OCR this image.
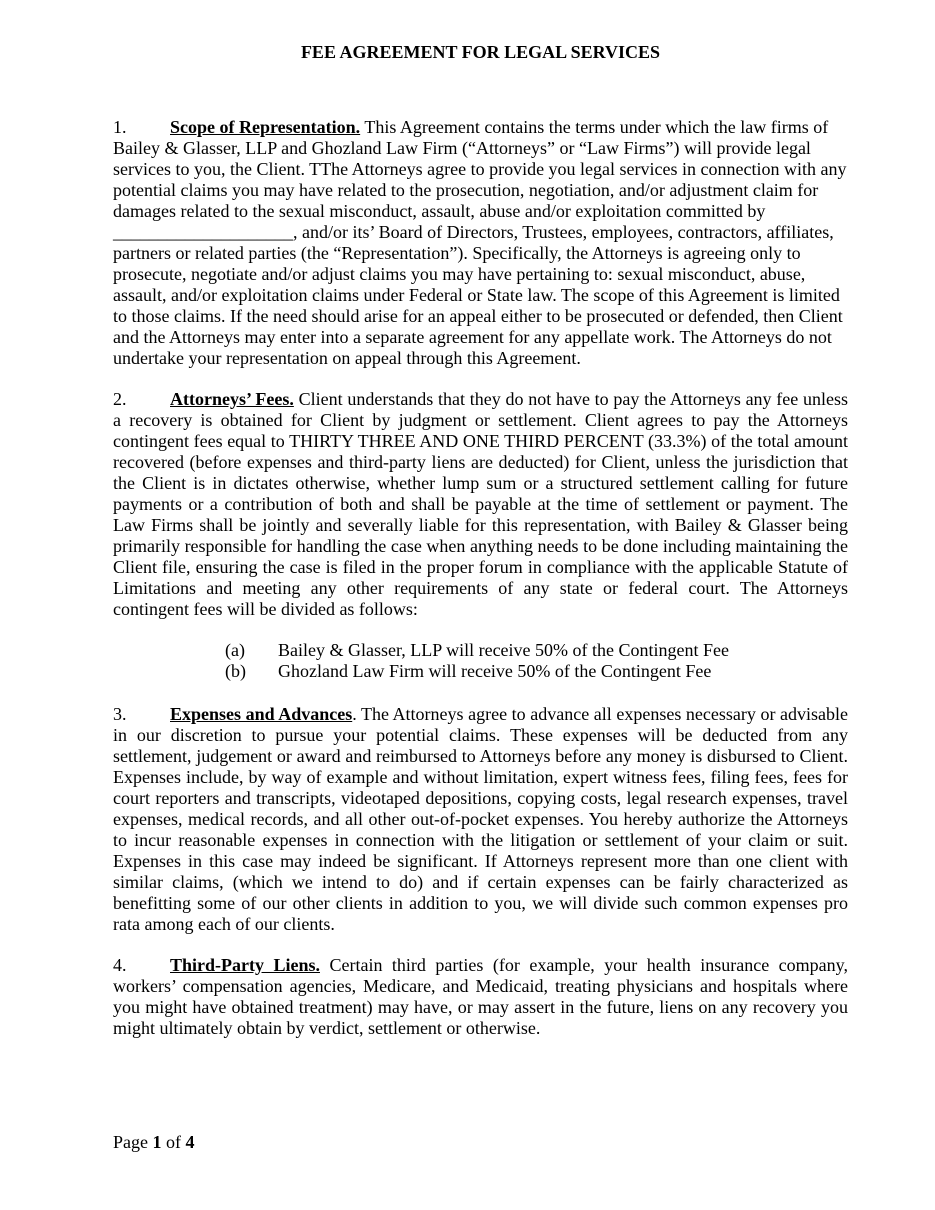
FEE AGREEMENT FOR LEGAL SERVICES

1. Scope of Representation. This Agreement contains the terms under which the law firms of Bailey & Glasser, LLP and Ghozland Law Firm (“Attorneys” or “Law Firms”) will provide legal services to you, the Client. TThe Attorneys agree to provide you legal services in connection with any potential claims you may have related to the prosecution, negotiation, and/or adjustment claim for damages related to the sexual misconduct, assault, abuse and/or exploitation committed by ____________________, and/or its’ Board of Directors, Trustees, employees, contractors, affiliates, partners or related parties (the “Representation”). Specifically, the Attorneys is agreeing only to prosecute, negotiate and/or adjust claims you may have pertaining to: sexual misconduct, abuse, assault, and/or exploitation claims under Federal or State law. The scope of this Agreement is limited to those claims. If the need should arise for an appeal either to be prosecuted or defended, then Client and the Attorneys may enter into a separate agreement for any appellate work. The Attorneys do not undertake your representation on appeal through this Agreement.

2. Attorneys’ Fees. Client understands that they do not have to pay the Attorneys any fee unless a recovery is obtained for Client by judgment or settlement. Client agrees to pay the Attorneys contingent fees equal to THIRTY THREE AND ONE THIRD PERCENT (33.3%) of the total amount recovered (before expenses and third-party liens are deducted) for Client, unless the jurisdiction that the Client is in dictates otherwise, whether lump sum or a structured settlement calling for future payments or a contribution of both and shall be payable at the time of settlement or payment. The Law Firms shall be jointly and severally liable for this representation, with Bailey & Glasser being primarily responsible for handling the case when anything needs to be done including maintaining the Client file, ensuring the case is filed in the proper forum in compliance with the applicable Statute of Limitations and meeting any other requirements of any state or federal court. The Attorneys contingent fees will be divided as follows:

(a) Bailey & Glasser, LLP will receive 50% of the Contingent Fee
(b) Ghozland Law Firm will receive 50% of the Contingent Fee

3. Expenses and Advances. The Attorneys agree to advance all expenses necessary or advisable in our discretion to pursue your potential claims. These expenses will be deducted from any settlement, judgement or award and reimbursed to Attorneys before any money is disbursed to Client. Expenses include, by way of example and without limitation, expert witness fees, filing fees, fees for court reporters and transcripts, videotaped depositions, copying costs, legal research expenses, travel expenses, medical records, and all other out-of-pocket expenses. You hereby authorize the Attorneys to incur reasonable expenses in connection with the litigation or settlement of your claim or suit. Expenses in this case may indeed be significant. If Attorneys represent more than one client with similar claims, (which we intend to do) and if certain expenses can be fairly characterized as benefitting some of our other clients in addition to you, we will divide such common expenses pro rata among each of our clients.

4. Third-Party Liens. Certain third parties (for example, your health insurance company, workers’ compensation agencies, Medicare, and Medicaid, treating physicians and hospitals where you might have obtained treatment) may have, or may assert in the future, liens on any recovery you might ultimately obtain by verdict, settlement or otherwise.

Page 1 of 4
